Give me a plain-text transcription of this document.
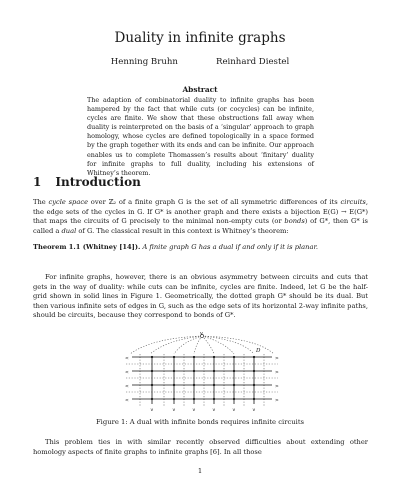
Duality in infinite graphs
Henning Bruhn	Reinhard Diestel
Abstract
The adaption of combinatorial duality to infinite graphs has been hampered by the fact that while cuts (or cocycles) can be infinite, cycles are finite. We show that these obstructions fall away when duality is reinterpreted on the basis of a ‘singular’ approach to graph homology, whose cycles are defined topologically in a space formed by the graph together with its ends and can be infinite. Our approach enables us to complete Thomassen’s results about ‘finitary’ duality for infinite graphs to full duality, including his extensions of Whitney’s theorem.
1 Introduction
The cycle space over ℤ₂ of a finite graph G is the set of all symmetric differences of its circuits, the edge sets of the cycles in G. If G* is another graph and there exists a bijection E(G) → E(G*) that maps the circuits of G precisely to the minimal non-empty cuts (or bonds) of G*, then G* is called a dual of G. The classical result in this context is Whitney’s theorem:
Theorem 1.1 (Whitney [14]). A finite graph G has a dual if and only if it is planar.
For infinite graphs, however, there is an obvious asymmetry between circuits and cuts that gets in the way of duality: while cuts can be infinite, cycles are finite. Indeed, let G be the half-grid shown in solid lines in Figure 1. Geometrically, the dotted graph G* should be its dual. But then various infinite sets of edges in G, such as the edge sets of its horizontal 2-way infinite paths, should be circuits, because they correspond to bonds of G*.
<
<
<
<
>
>
>
>
v	v	v	v	v	v
v
D
Figure 1: A dual with infinite bonds requires infinite circuits
This problem ties in with similar recently observed difficulties about extending other homology aspects of finite graphs to infinite graphs [6]. In all those
1
